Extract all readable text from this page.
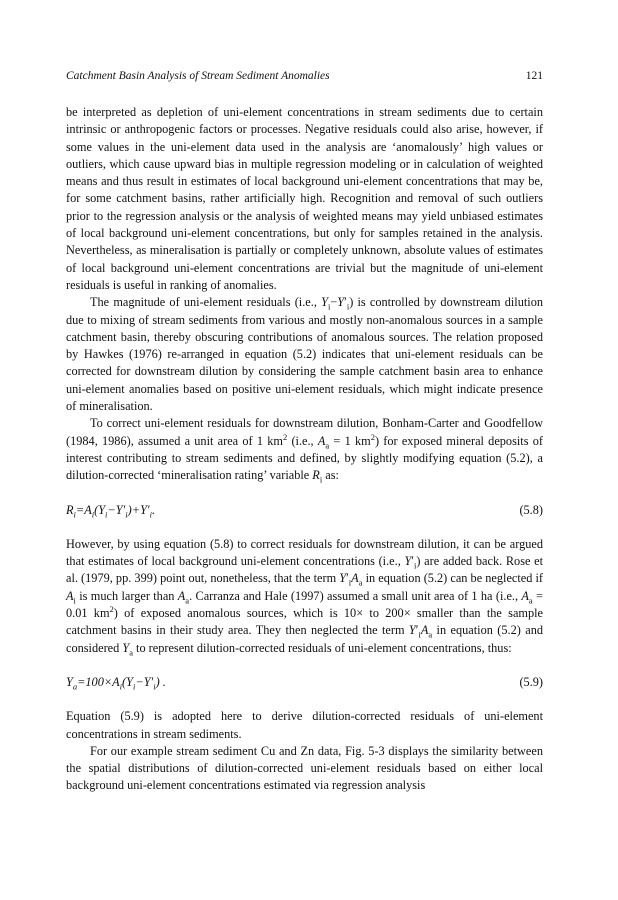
Catchment Basin Analysis of Stream Sediment Anomalies	121

be interpreted as depletion of uni-element concentrations in stream sediments due to certain intrinsic or anthropogenic factors or processes. Negative residuals could also arise, however, if some values in the uni-element data used in the analysis are ‘anomalously’ high values or outliers, which cause upward bias in multiple regression modeling or in calculation of weighted means and thus result in estimates of local background uni-element concentrations that may be, for some catchment basins, rather artificially high. Recognition and removal of such outliers prior to the regression analysis or the analysis of weighted means may yield unbiased estimates of local background uni-element concentrations, but only for samples retained in the analysis. Nevertheless, as mineralisation is partially or completely unknown, absolute values of estimates of local background uni-element concentrations are trivial but the magnitude of uni-element residuals is useful in ranking of anomalies.

The magnitude of uni-element residuals (i.e., $Y_i-Y'_i$) is controlled by downstream dilution due to mixing of stream sediments from various and mostly non-anomalous sources in a sample catchment basin, thereby obscuring contributions of anomalous sources. The relation proposed by Hawkes (1976) re-arranged in equation (5.2) indicates that uni-element residuals can be corrected for downstream dilution by considering the sample catchment basin area to enhance uni-element anomalies based on positive uni-element residuals, which might indicate presence of mineralisation.

To correct uni-element residuals for downstream dilution, Bonham-Carter and Goodfellow (1984, 1986), assumed a unit area of 1 $km^2$ (i.e., $A_a = 1$ $km^2$) for exposed mineral deposits of interest contributing to stream sediments and defined, by slightly modifying equation (5.2), a dilution-corrected ‘mineralisation rating’ variable $R_i$ as:

$R_i=A_i(Y_i-Y'_i)+Y'_i$.	(5.8)

However, by using equation (5.8) to correct residuals for downstream dilution, it can be argued that estimates of local background uni-element concentrations (i.e., $Y'_i$) are added back. Rose et al. (1979, pp. 399) point out, nonetheless, that the term $Y'_iA_a$ in equation (5.2) can be neglected if $A_i$ is much larger than $A_a$. Carranza and Hale (1997) assumed a small unit area of 1 ha (i.e., $A_a = 0.01$ $km^2$) of exposed anomalous sources, which is 10× to 200× smaller than the sample catchment basins in their study area. They then neglected the term $Y'_iA_a$ in equation (5.2) and considered $Y_a$ to represent dilution-corrected residuals of uni-element concentrations, thus:

$Y_a=100\times A_i(Y_i-Y'_i)$ .	(5.9)

Equation (5.9) is adopted here to derive dilution-corrected residuals of uni-element concentrations in stream sediments.

For our example stream sediment Cu and Zn data, Fig. 5-3 displays the similarity between the spatial distributions of dilution-corrected uni-element residuals based on either local background uni-element concentrations estimated via regression analysis
